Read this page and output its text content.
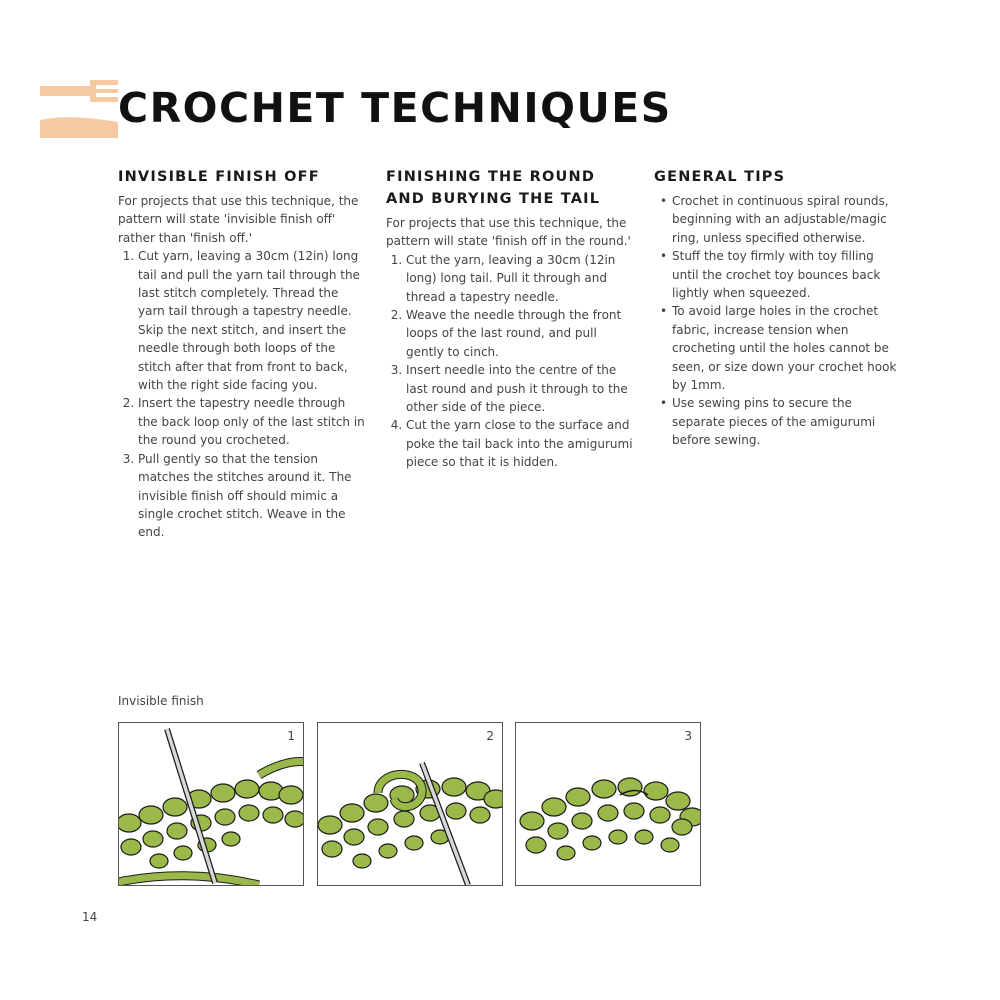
CROCHET TECHNIQUES
INVISIBLE FINISH OFF

For projects that use this technique, the pattern will state 'invisible finish off' rather than 'finish off.'

1. Cut yarn, leaving a 30cm (12in) long tail and pull the yarn tail through the last stitch completely. Thread the yarn tail through a tapestry needle. Skip the next stitch, and insert the needle through both loops of the stitch after that from front to back, with the right side facing you.
2. Insert the tapestry needle through the back loop only of the last stitch in the round you crocheted.
3. Pull gently so that the tension matches the stitches around it. The invisible finish off should mimic a single crochet stitch. Weave in the end.
FINISHING THE ROUND AND BURYING THE TAIL

For projects that use this technique, the pattern will state 'finish off in the round.'

1. Cut the yarn, leaving a 30cm (12in long) long tail. Pull it through and thread a tapestry needle.
2. Weave the needle through the front loops of the last round, and pull gently to cinch.
3. Insert needle into the centre of the last round and push it through to the other side of the piece.
4. Cut the yarn close to the surface and poke the tail back into the amigurumi piece so that it is hidden.
GENERAL TIPS
• Crochet in continuous spiral rounds, beginning with an adjustable/magic ring, unless specified otherwise.
• Stuff the toy firmly with toy filling until the crochet toy bounces back lightly when squeezed.
• To avoid large holes in the crochet fabric, increase tension when crocheting until the holes cannot be seen, or size down your crochet hook by 1mm.
• Use sewing pins to secure the separate pieces of the amigurumi before sewing.
Invisible finish
1	2	3
14
